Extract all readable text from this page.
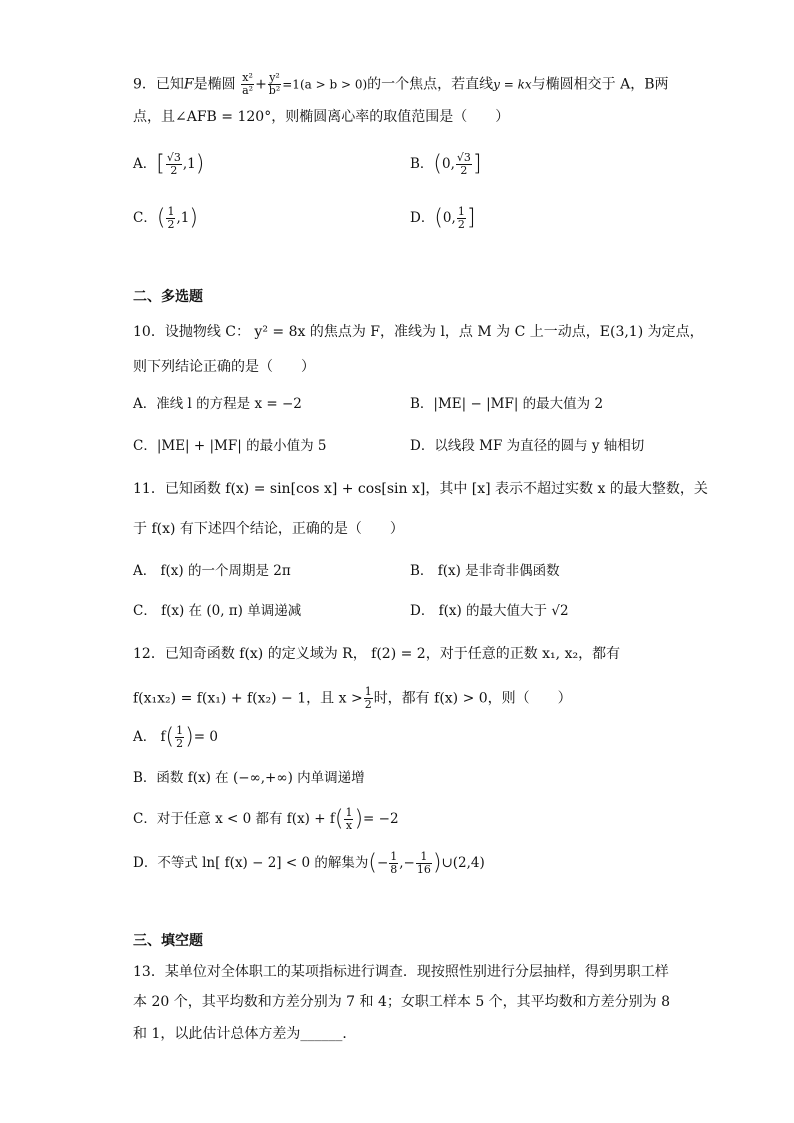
9．已知F是椭圆 $\frac{\text{x²}}{\text{a²}} + \frac{\text{y²}}{\text{b²}} =1(a > b > 0)$的一个焦点，若直线y = kx与椭圆相交于 A，B两
点，且∠AFB = 120°，则椭圆离心率的取值范围是（　　）
A．[ $\frac{√3}{2} ,1$)	B．(0, $\frac{√3}{2}$ ]
C．( $\frac{1}{2} ,1$)	D．(0, $\frac{1}{2}$ ]
二、多选题
10．设抛物线 C： y² = 8x 的焦点为 F，准线为 l，点 M 为 C 上一动点，E(3,1) 为定点，
则下列结论正确的是（　　）
A．准线 l 的方程是 x = −2	B．|ME| − |MF| 的最大值为 2
C．|ME| + |MF| 的最小值为 5	D．以线段 MF 为直径的圆与 y 轴相切
11．已知函数 f(x) = sin[cos x] + cos[sin x]，其中 [x] 表示不超过实数 x 的最大整数，关
于 f(x) 有下述四个结论，正确的是（　　）
A． f(x) 的一个周期是 2π	B． f(x) 是非奇非偶函数
C． f(x) 在 (0, π) 单调递减	D． f(x) 的最大值大于 √2
12．已知奇函数 f(x) 的定义域为 R， f(2) = 2，对于任意的正数 x₁, x₂，都有
f(x₁x₂) = f(x₁) + f(x₂) − 1，且 $x > \frac{1}{2}$ 时，都有 f(x) > 0，则（　　）
A． $f( \frac{1}{2}$ )= 0
B．函数 f(x) 在 (−∞,+∞) 内单调递增
C．对于任意 x < 0 都有 $f(x) + f( \frac{1}{x}$ )= −2
D．不等式 ln[ f(x) − 2] < 0 的解集为(− $\frac{1}{8}$ ,− $\frac{1}{16}$ )∪(2,4)
三、填空题
13．某单位对全体职工的某项指标进行调查．现按照性别进行分层抽样，得到男职工样
本 20 个，其平均数和方差分别为 7 和 4；女职工样本 5 个，其平均数和方差分别为 8
和 1，以此估计总体方差为______．
